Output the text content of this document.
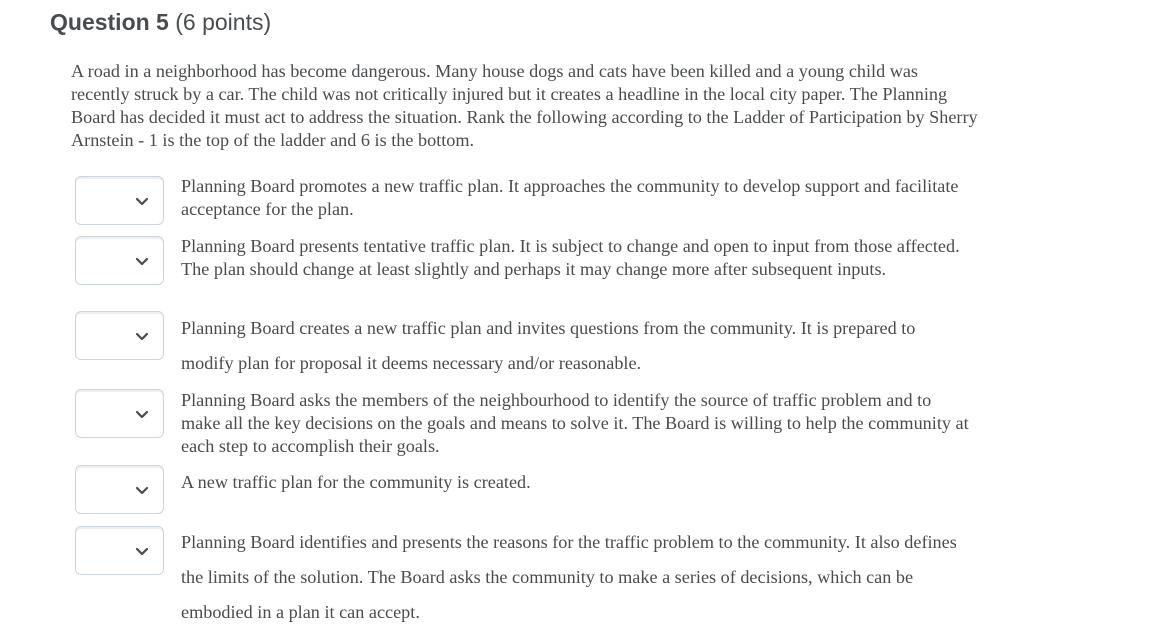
Question 5 (6 points)
A road in a neighborhood has become dangerous. Many house dogs and cats have been killed and a young child was recently struck by a car. The child was not critically injured but it creates a headline in the local city paper. The Planning Board has decided it must act to address the situation. Rank the following according to the Ladder of Participation by Sherry Arnstein - 1 is the top of the ladder and 6 is the bottom.
Planning Board promotes a new traffic plan. It approaches the community to develop support and facilitate acceptance for the plan.
Planning Board presents tentative traffic plan. It is subject to change and open to input from those affected. The plan should change at least slightly and perhaps it may change more after subsequent inputs.
Planning Board creates a new traffic plan and invites questions from the community. It is prepared to modify plan for proposal it deems necessary and/or reasonable.
Planning Board asks the members of the neighbourhood to identify the source of traffic problem and to make all the key decisions on the goals and means to solve it. The Board is willing to help the community at each step to accomplish their goals.
A new traffic plan for the community is created.
Planning Board identifies and presents the reasons for the traffic problem to the community. It also defines the limits of the solution. The Board asks the community to make a series of decisions, which can be embodied in a plan it can accept.
